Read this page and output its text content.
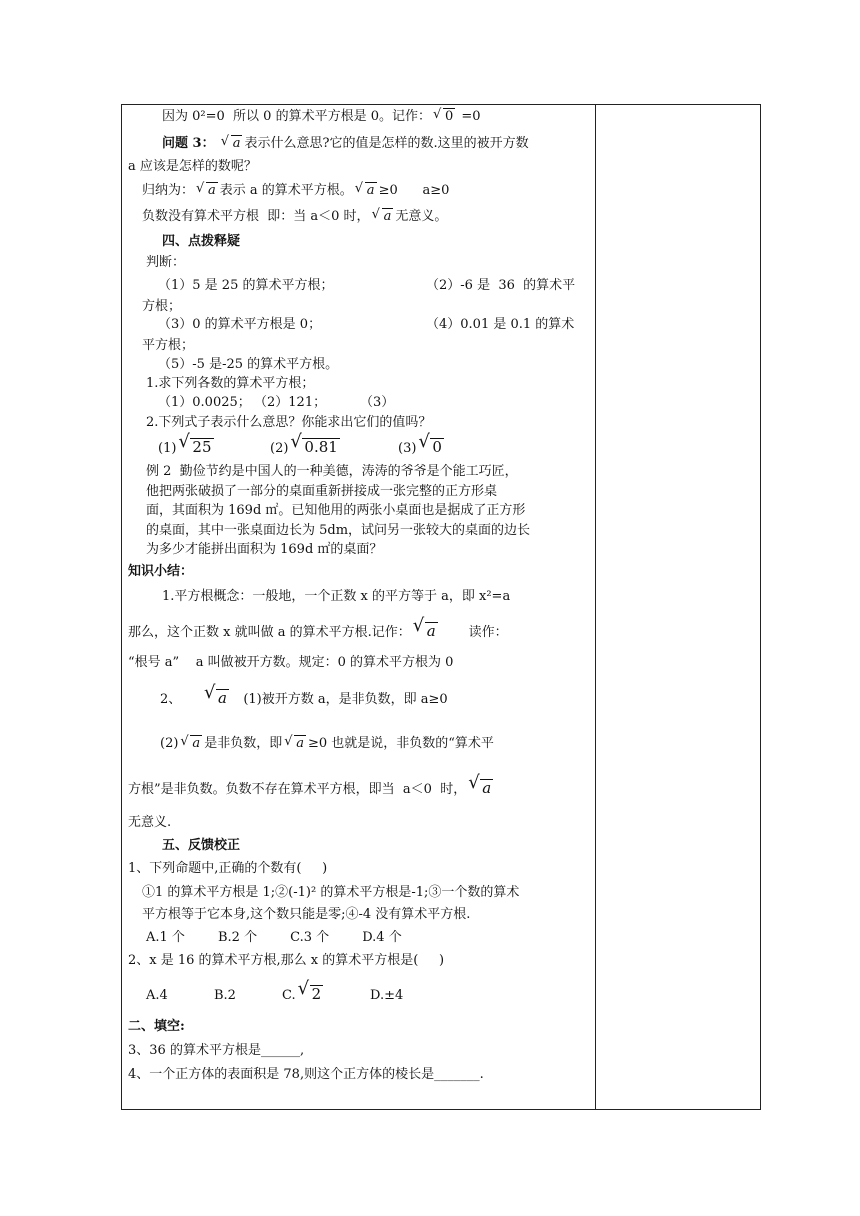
因为 0²=0  所以 0 的算术平方根是 0。记作： √ 0 =0
问题 3： √ a 表示什么意思?它的值是怎样的数.这里的被开方数
a 应该是怎样的数呢？
归纳为： √ a 表示 a 的算术平方根。 √ a ≥0      a≥0
负数没有算术平方根  即：当 a＜0 时， √ a 无意义。
四、点拨释疑
判断：
（1）5 是 25 的算术平方根；	（2）-6 是  36  的算术平
方根；
（3）0 的算术平方根是 0；	（4）0.01 是 0.1 的算术
平方根；
（5）-5 是-25 的算术平方根。
1.求下列各数的算术平方根；
（1）0.0025； （2）121；	（3）
2.下列式子表示什么意思？你能求出它们的值吗？
(1) √ 25	(2) √ 0.81	(3) √ 0
例 2  勤俭节约是中国人的一种美德，涛涛的爷爷是个能工巧匠，
他把两张破损了一部分的桌面重新拼接成一张完整的正方形桌
面，其面积为 169d ㎡。已知他用的两张小桌面也是据成了正方形
的桌面，其中一张桌面边长为 5dm，试问另一张较大的桌面的边长
为多少才能拼出面积为 169d ㎡的桌面？
知识小结：
1.平方根概念：一般地，一个正数 x 的平方等于 a，即 x²=a
那么，这个正数 x 就叫做 a 的算术平方根.记作： √ a	读作：
“根号 a”    a 叫做被开方数。规定：0 的算术平方根为 0
2、 √ a (1)被开方数 a，是非负数，即 a≥0
(2) √ a 是非负数，即 √ a ≥0 也就是说，非负数的“算术平
方根”是非负数。负数不存在算术平方根，即当  a＜0  时， √ a
无意义.
五、反馈校正
1、下列命题中,正确的个数有(     )
①1 的算术平方根是 1;②(-1)² 的算术平方根是-1;③一个数的算术
平方根等于它本身,这个数只能是零;④-4 没有算术平方根.
A.1 个        B.2 个        C.3 个        D.4 个
2、x 是 16 的算术平方根,那么 x 的算术平方根是(     )
A.4	B.2	C. √ 2	D.±4
二、填空:
3、36 的算术平方根是______,
4、一个正方体的表面积是 78,则这个正方体的棱长是_______.
